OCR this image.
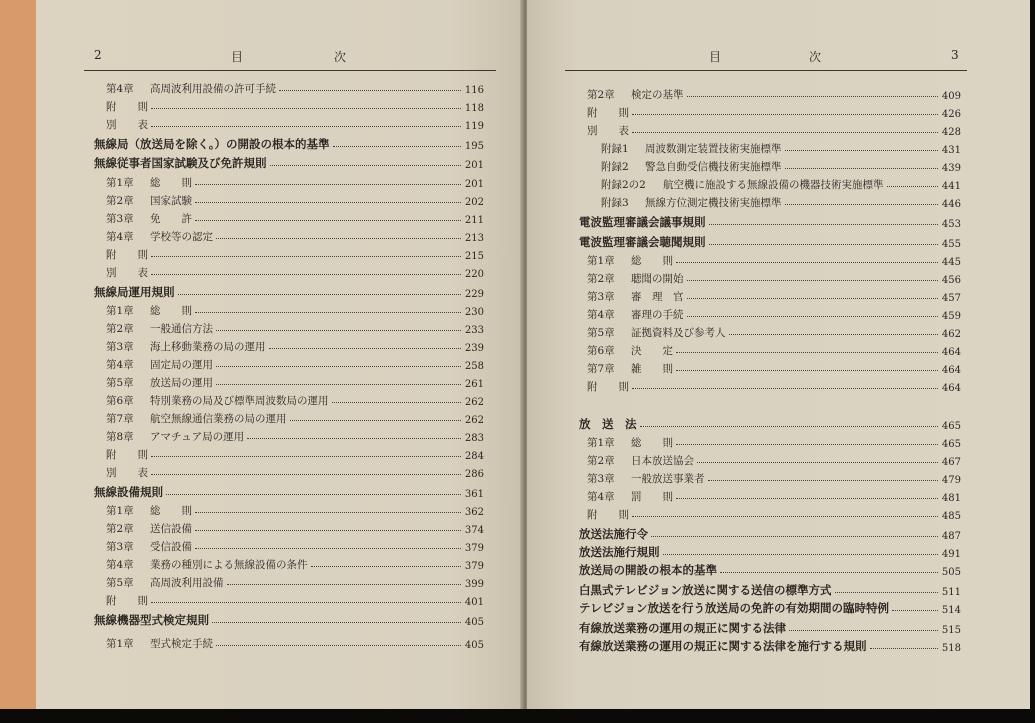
2	目	次
第4章 高周波利用設備の許可手続	116
附　　則	118
別　　表	119
無線局（放送局を除く。）の開設の根本的基準	195
無線従事者国家試験及び免許規則	201
第1章 総　　則	201
第2章 国家試験	202
第3章 免　　許	211
第4章 学校等の認定	213
附　　則	215
別　　表	220
無線局運用規則	229
第1章 総　　則	230
第2章 一般通信方法	233
第3章 海上移動業務の局の運用	239
第4章 固定局の運用	258
第5章 放送局の運用	261
第6章 特別業務の局及び標準周波数局の運用	262
第7章 航空無線通信業務の局の運用	262
第8章 アマチュア局の運用	283
附　　則	284
別　　表	286
無線設備規則	361
第1章 総　　則	362
第2章 送信設備	374
第3章 受信設備	379
第4章 業務の種別による無線設備の条件	379
第5章 高周波利用設備	399
附　　則	401
無線機器型式検定規則	405
第1章 型式検定手続	405
目	次	3
第2章 検定の基準	409
附　　則	426
別　　表	428
附録1 周波数測定装置技術実施標準	431
附録2 警急自動受信機技術実施標準	439
附録2の2 航空機に施設する無線設備の機器技術実施標準	441
附録3 無線方位測定機技術実施標準	446
電波監理審議会議事規則	453
電波監理審議会聴聞規則	455
第1章 総　　則	445
第2章 聴聞の開始	456
第3章 審　理　官	457
第4章 審理の手続	459
第5章 証拠資料及び参考人	462
第6章 決　　定	464
第7章 雑　　則	464
附　　則	464
放　送　法	465
第1章 総　　則	465
第2章 日本放送協会	467
第3章 一般放送事業者	479
第4章 罰　　則	481
附　　則	485
放送法施行令	487
放送法施行規則	491
放送局の開設の根本的基準	505
白黒式テレビジョン放送に関する送信の標準方式	511
テレビジョン放送を行う放送局の免許の有効期間の臨時特例	514
有線放送業務の運用の規正に関する法律	515
有線放送業務の運用の規正に関する法律を施行する規則	518
